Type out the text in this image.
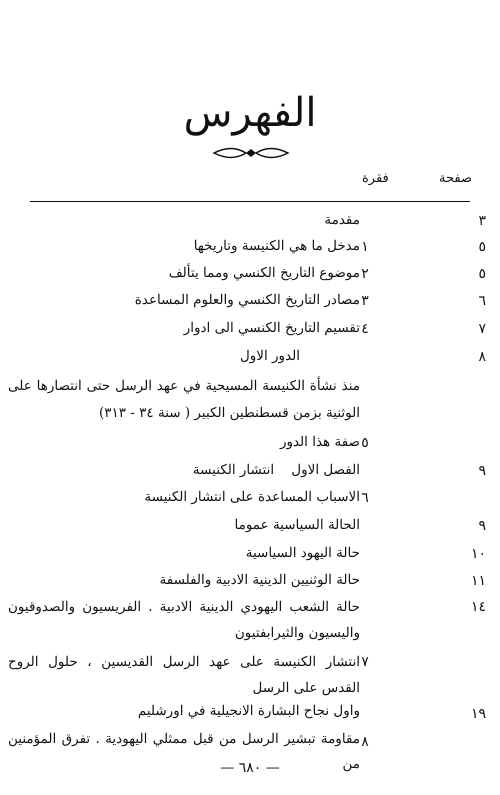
الفهرس
صفحة
فقرة
٣
مقدمة
٥
١
مدخل ما هي الكنيسة وتاريخها
٥
٢
موضوع التاريخ الكنسي ومما يتألف
٦
٣
مصادر التاريخ الكنسي والعلوم المساعدة
٧
٤
تقسيم التاريخ الكنسي الى ادوار
٨
الدور الاول
منذ نشأة الكنيسة المسيحية في عهد الرسل حتى انتصارها على الوثنية بزمن قسطنطين الكبير ( سنة ٣٤ - ٣١٣)
٥
صفة هذا الدور
٩
الفصل الاول    انتشار الكنيسة
٦
الاسباب المساعدة على انتشار الكنيسة
٩
الحالة السياسية عموما
١٠
حالة اليهود السياسية
١١
حالة الوثنيين الدينية الادبية والفلسفة
١٤
حالة الشعب اليهودي الدينية الادبية . الفريسيون والصدوقيون واليسيون والثيرابفتيون
٧
انتشار الكنيسة على عهد الرسل القديسين ، حلول الروح القدس على الرسل
١٩
واول نجاح البشارة الانجيلية في اورشليم
٨
مقاومة تبشير الرسل من قبل ممثلي اليهودية . تفرق المؤمنين من
— ٦٨٠ —
